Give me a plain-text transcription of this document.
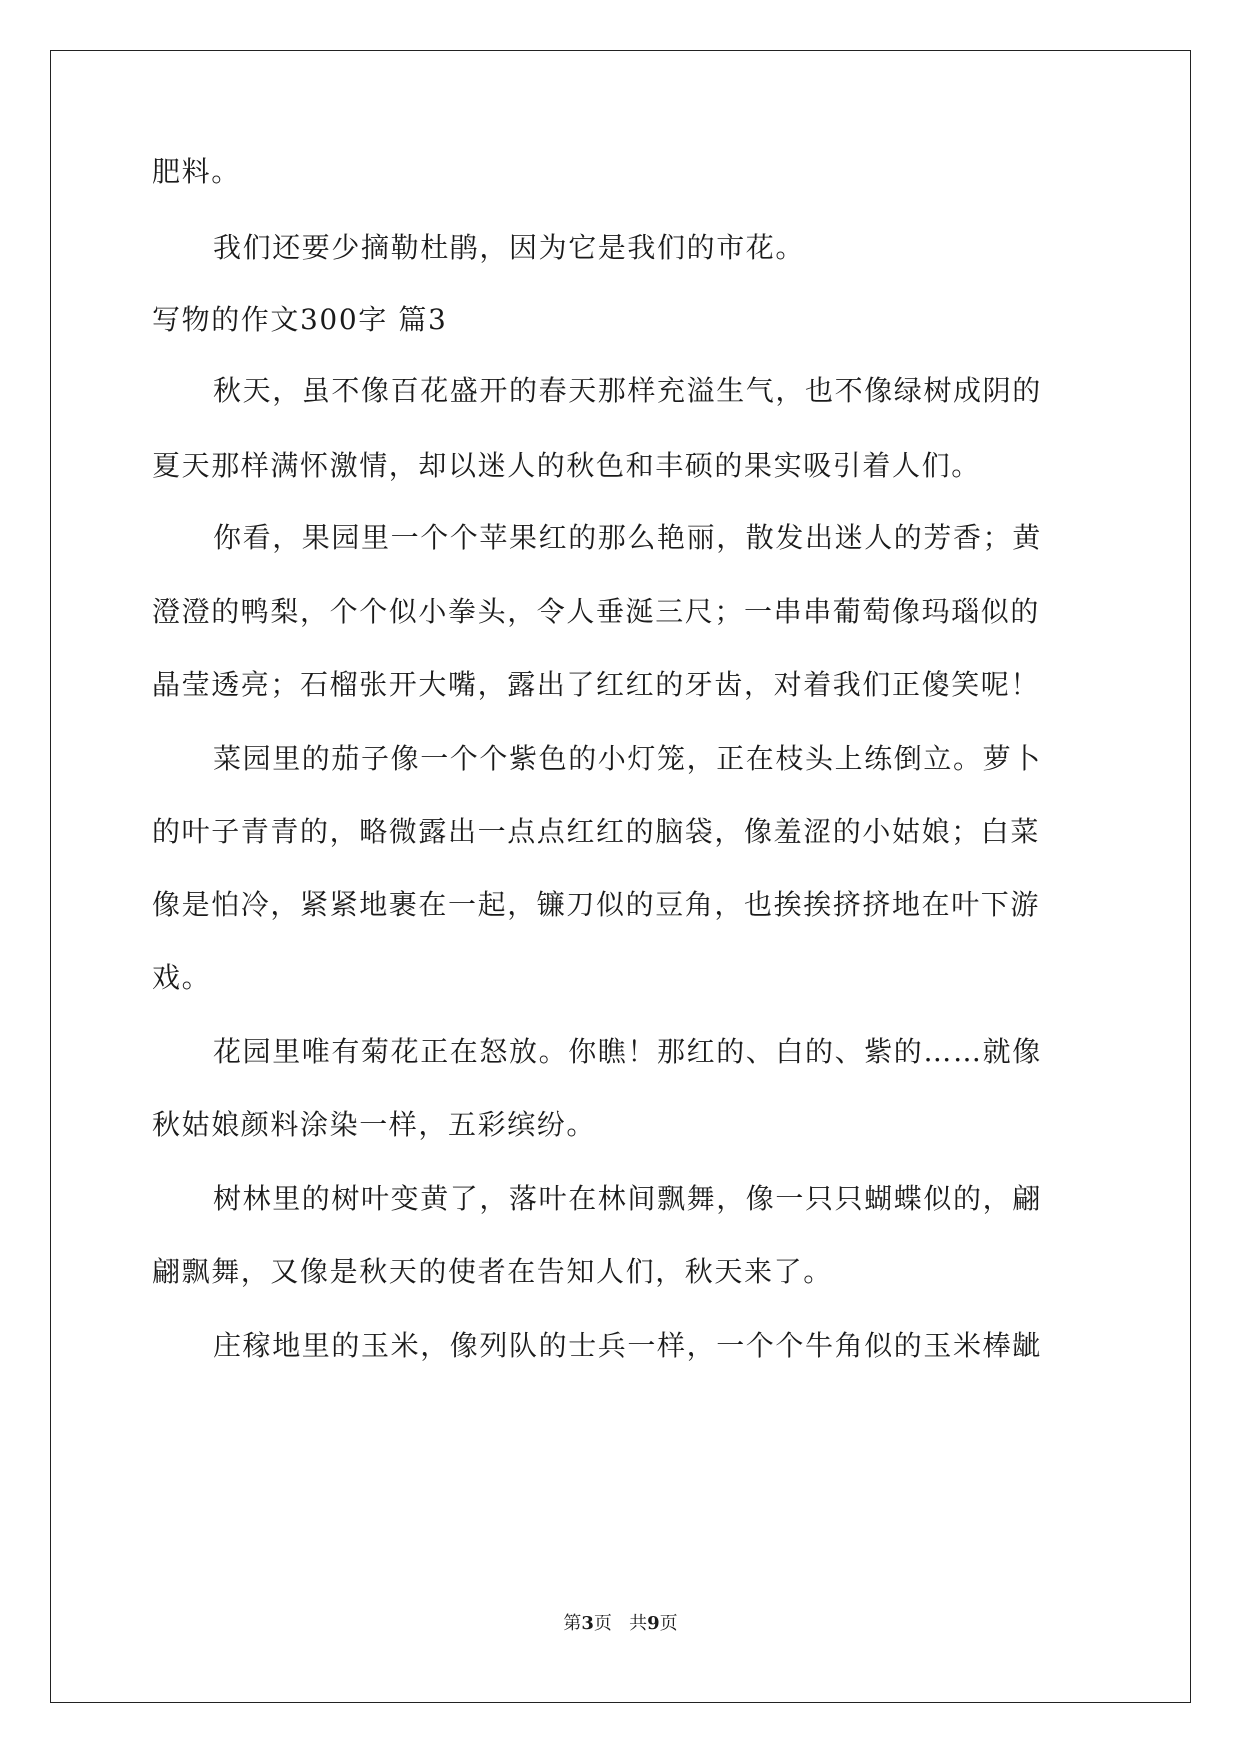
肥料。
我们还要少摘勒杜鹃，因为它是我们的市花。
写物的作文300字 篇3
秋天，虽不像百花盛开的春天那样充溢生气，也不像绿树成阴的
夏天那样满怀激情，却以迷人的秋色和丰硕的果实吸引着人们。
你看，果园里一个个苹果红的那么艳丽，散发出迷人的芳香；黄
澄澄的鸭梨，个个似小拳头，令人垂涎三尺；一串串葡萄像玛瑙似的
晶莹透亮；石榴张开大嘴，露出了红红的牙齿，对着我们正傻笑呢！
菜园里的茄子像一个个紫色的小灯笼，正在枝头上练倒立。萝卜
的叶子青青的，略微露出一点点红红的脑袋，像羞涩的小姑娘；白菜
像是怕冷，紧紧地裹在一起，镰刀似的豆角，也挨挨挤挤地在叶下游
戏。
花园里唯有菊花正在怒放。你瞧！那红的、白的、紫的……就像
秋姑娘颜料涂染一样，五彩缤纷。
树林里的树叶变黄了，落叶在林间飘舞，像一只只蝴蝶似的，翩
翩飘舞，又像是秋天的使者在告知人们，秋天来了。
庄稼地里的玉米，像列队的士兵一样，一个个牛角似的玉米棒龇
第3页   共9页
